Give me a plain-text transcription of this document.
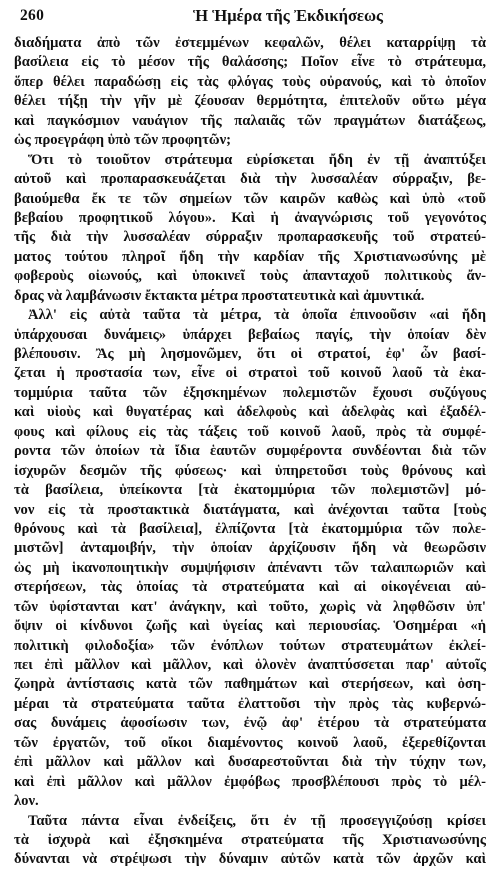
260	Ἡ Ἡμέρα τῆς Ἐκδικήσεως
διαδήματα ἀπὸ τῶν ἐστεμμένων κεφαλῶν, θέλει καταρρίψῃ τὰ
βασίλεια εἰς τὸ μέσον τῆς θαλάσσης; Ποῖον εἶνε τὸ στράτευμα,
ὅπερ θέλει παραδώσῃ εἰς τὰς φλόγας τοὺς οὐρανούς, καὶ τὸ ὁποῖον
θέλει τήξῃ τὴν γῆν μὲ ζέουσαν θερμότητα, ἐπιτελοῦν οὕτω μέγα
καὶ παγκόσμιον ναυάγιον τῆς παλαιᾶς τῶν πραγμάτων διατάξεως,
ὡς προεγράφη ὑπὸ τῶν προφητῶν;
Ὅτι τὸ τοιοῦτον στράτευμα εὑρίσκεται ἤδη ἐν τῇ ἀναπτύξει
αὐτοῦ καὶ προπαρασκευάζεται διὰ τὴν λυσσαλέαν σύρραξιν, βε-
βαιούμεθα ἔκ τε τῶν σημείων τῶν καιρῶν καθὼς καὶ ὑπὸ «τοῦ
βεβαίου προφητικοῦ λόγου». Καὶ ἡ ἀναγνώρισις τοῦ γεγονότος
τῆς διὰ τὴν λυσσαλέαν σύρραξιν προπαρασκευῆς τοῦ στρατεύ-
ματος τούτου πληροῖ ἤδη τὴν καρδίαν τῆς Χριστιανωσύνης μὲ
φοβεροὺς οἰωνούς, καὶ ὑποκινεῖ τοὺς ἁπανταχοῦ πολιτικοὺς ἄν-
δρας νὰ λαμβάνωσιν ἔκτακτα μέτρα προστατευτικὰ καὶ ἀμυντικά.
Ἀλλ' εἰς αὐτὰ ταῦτα τὰ μέτρα, τὰ ὁποῖα ἐπινοοῦσιν «αἱ ἤδη
ὑπάρχουσαι δυνάμεις» ὑπάρχει βεβαίως παγίς, τὴν ὁποίαν δὲν
βλέπουσιν. Ἂς μὴ λησμονῶμεν, ὅτι οἱ στρατοί, ἐφ' ὧν βασί-
ζεται ἡ προστασία των, εἶνε οἱ στρατοὶ τοῦ κοινοῦ λαοῦ τὰ ἑκα-
τομμύρια ταῦτα τῶν ἐξησκημένων πολεμιστῶν ἔχουσι συζύγους
καὶ υἱοὺς καὶ θυγατέρας καὶ ἀδελφοὺς καὶ ἀδελφὰς καὶ ἐξαδέλ-
φους καὶ φίλους εἰς τὰς τάξεις τοῦ κοινοῦ λαοῦ, πρὸς τὰ συμφέ-
ροντα τῶν ὁποίων τὰ ἴδια ἑαυτῶν συμφέροντα συνδέονται διὰ τῶν
ἰσχυρῶν δεσμῶν τῆς φύσεως· καὶ ὑπηρετοῦσι τοὺς θρόνους καὶ
τὰ βασίλεια, ὑπείκοντα [τὰ ἑκατομμύρια τῶν πολεμιστῶν] μό-
νον εἰς τὰ προστακτικὰ διατάγματα, καὶ ἀνέχονται ταῦτα [τοὺς
θρόνους καὶ τὰ βασίλεια], ἐλπίζοντα [τὰ ἑκατομμύρια τῶν πολε-
μιστῶν] ἀνταμοιβήν, τὴν ὁποίαν ἀρχίζουσιν ἤδη νὰ θεωρῶσιν
ὡς μὴ ἱκανοποιητικὴν συμψήφισιν ἀπέναντι τῶν ταλαιπωριῶν καὶ
στερήσεων, τὰς ὁποίας τὰ στρατεύματα καὶ αἱ οἰκογένειαι αὐ-
τῶν ὑφίστανται κατ' ἀνάγκην, καὶ τοῦτο, χωρὶς νὰ ληφθῶσιν ὑπ'
ὄψιν οἱ κίνδυνοι ζωῆς καὶ ὑγείας καὶ περιουσίας. Ὁσημέραι «ἡ
πολιτικὴ φιλοδοξία» τῶν ἐνόπλων τούτων στρατευμάτων ἐκλεί-
πει ἐπὶ μᾶλλον καὶ μᾶλλον, καὶ ὁλονὲν ἀναπτύσσεται παρ' αὐτοῖς
ζωηρὰ ἀντίστασις κατὰ τῶν παθημάτων καὶ στερήσεων, καὶ ὁση-
μέραι τὰ στρατεύματα ταῦτα ἐλαττοῦσι τὴν πρὸς τὰς κυβερνώ-
σας δυνάμεις ἀφοσίωσιν των, ἐνῷ ἀφ' ἑτέρου τὰ στρατεύματα
τῶν ἐργατῶν, τοῦ οἴκοι διαμένοντος κοινοῦ λαοῦ, ἐξερεθίζονται
ἐπὶ μᾶλλον καὶ μᾶλλον καὶ δυσαρεστοῦνται διὰ τὴν τύχην των,
καὶ ἐπὶ μᾶλλον καὶ μᾶλλον ἐμφόβως προσβλέπουσι πρὸς τὸ μέλ-
λον.
Ταῦτα πάντα εἶναι ἐνδείξεις, ὅτι ἐν τῇ προσεγγιζούσῃ κρίσει
τὰ ἰσχυρὰ καὶ ἐξησκημένα στρατεύματα τῆς Χριστιανωσύνης
δύνανται νὰ στρέψωσι τὴν δύναμιν αὐτῶν κατὰ τῶν ἀρχῶν καὶ
